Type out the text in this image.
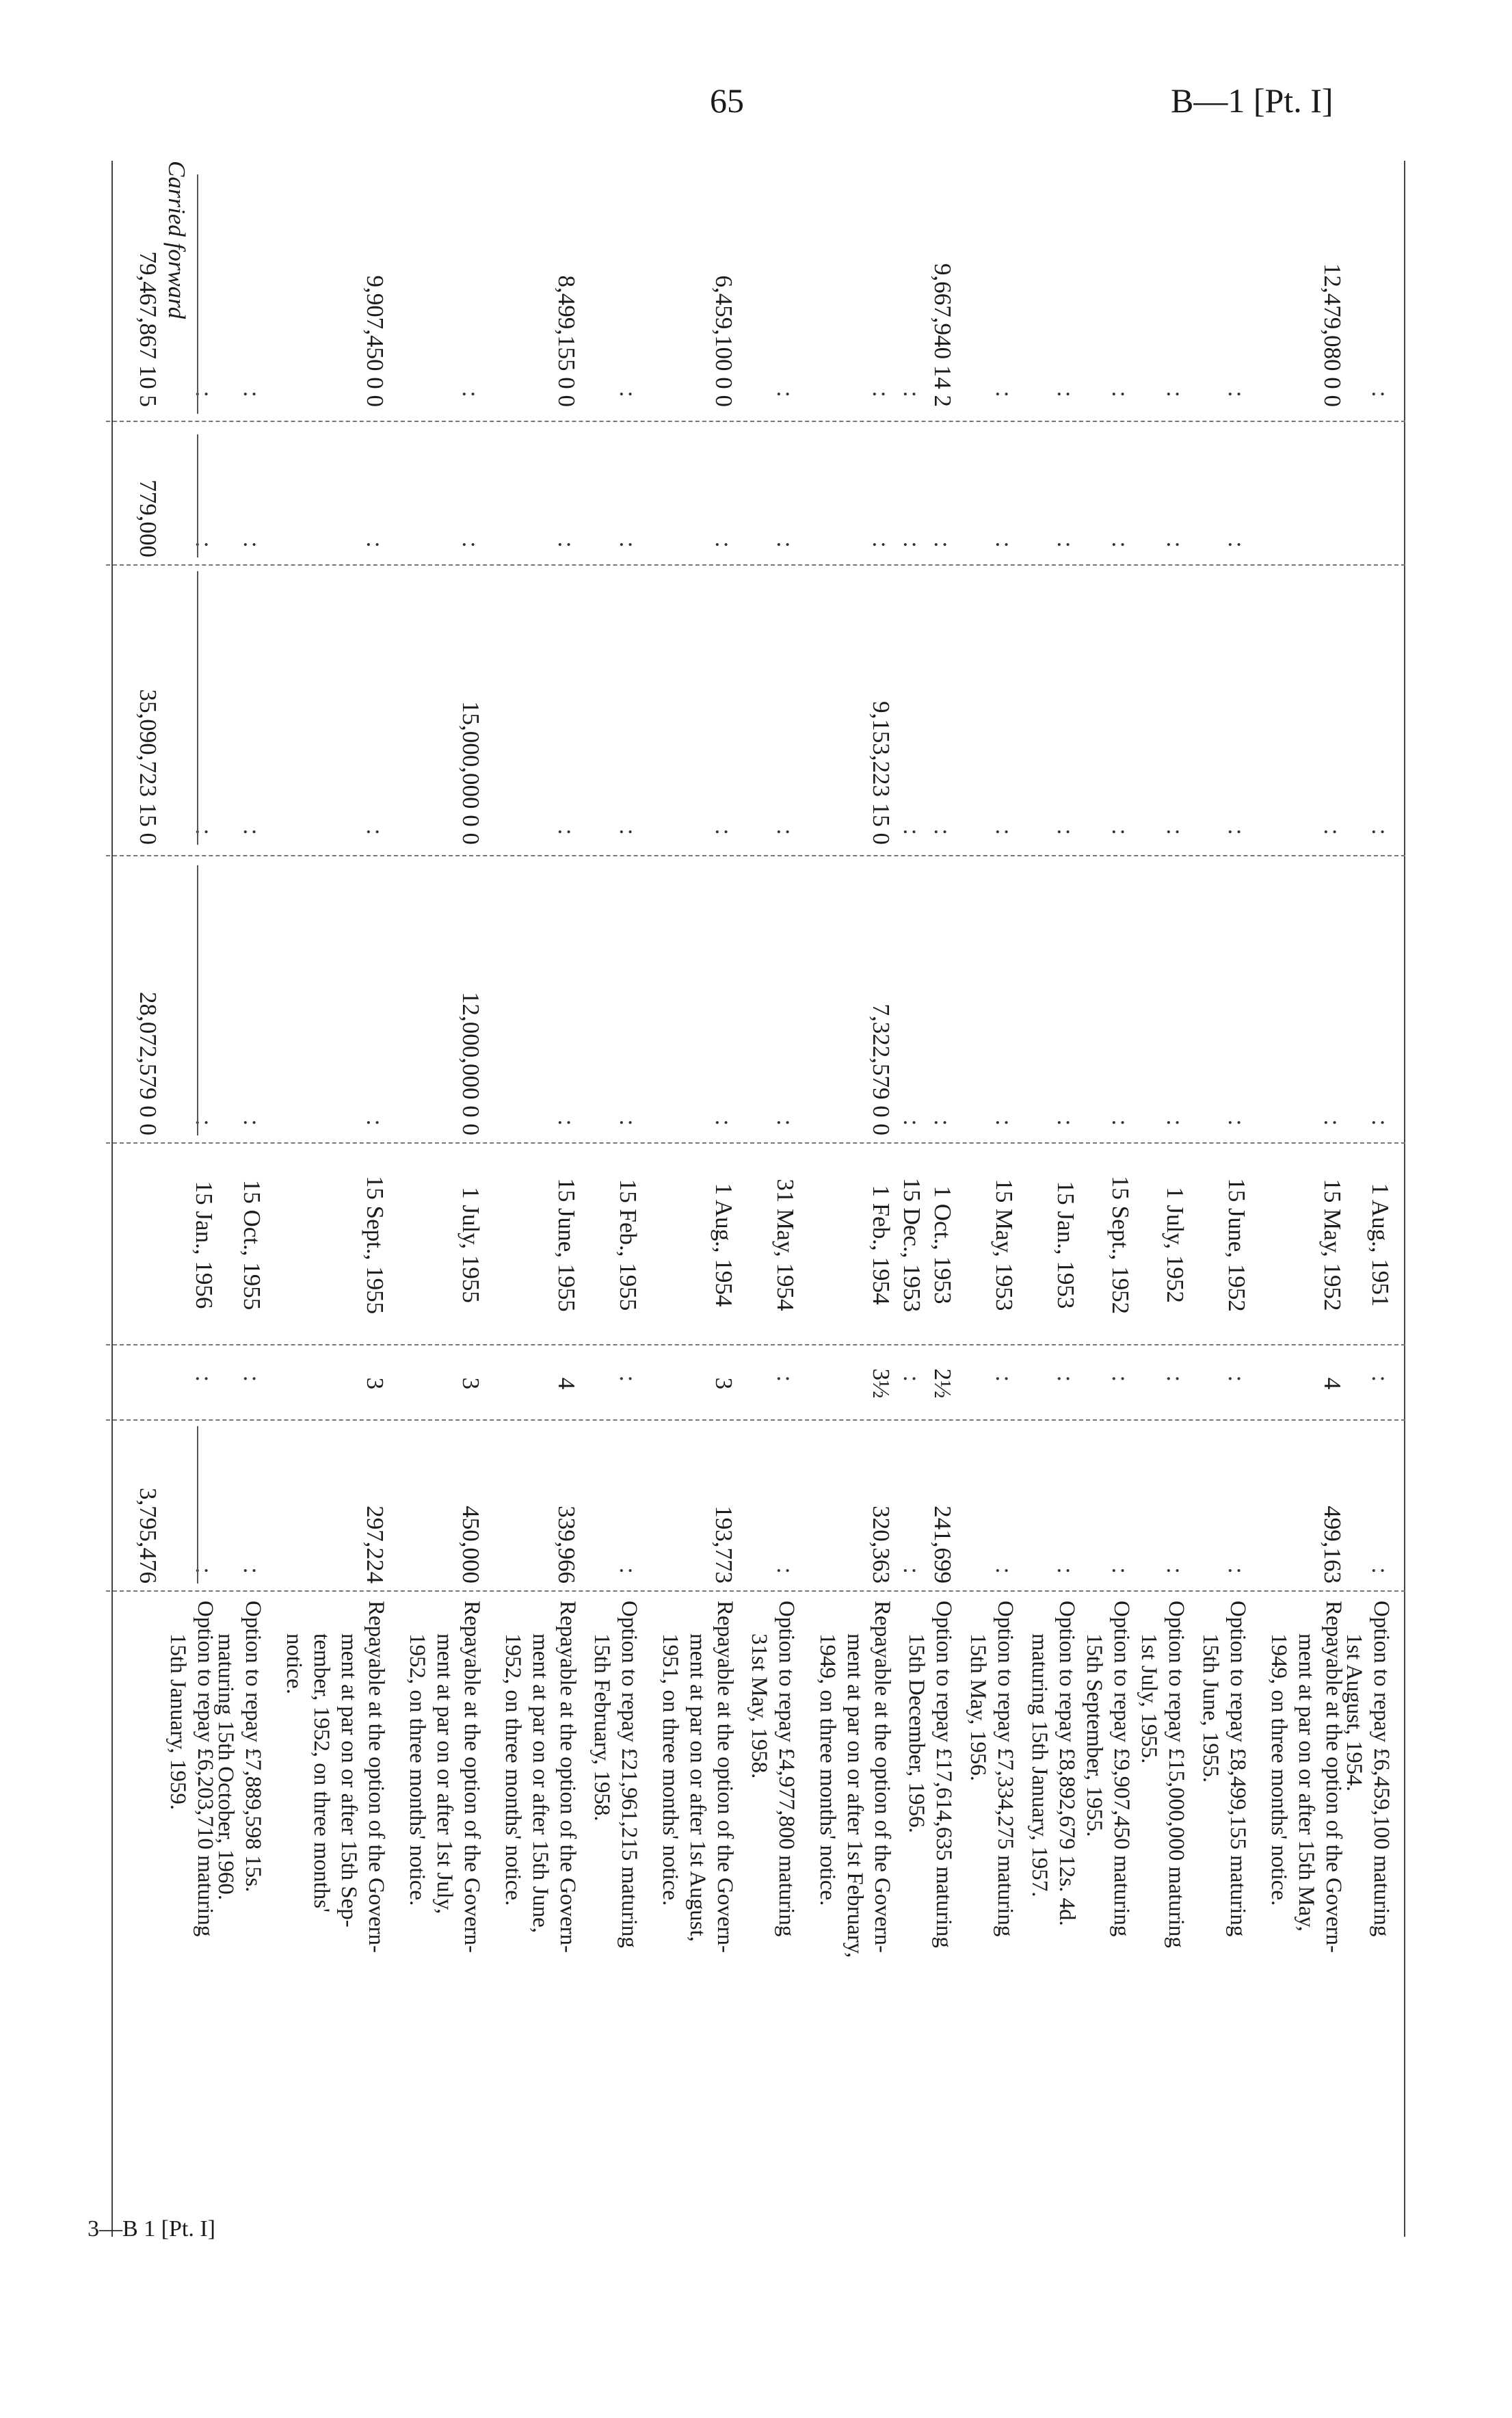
65	B—1 [Pt. I]
:
:
:
1 Aug., 1951
:
:
Option to repay £6,459,100 maturing
1st August, 1954.
12,479,080 0 0
:
:
15 May, 1952
4
499,163
Repayable at the option of the Govern-
ment at par on or after 15th May,
1949, on three months' notice.
:
:
:
:
15 June, 1952
:
:
Option to repay £8,499,155 maturing
15th June, 1955.
:
:
:
:
1 July, 1952
:
:
Option to repay £15,000,000 maturing
1st July, 1955.
:
:
:
:
15 Sept., 1952
:
:
Option to repay £9,907,450 maturing
15th September, 1955.
:
:
:
:
15 Jan., 1953
:
:
Option to repay £8,892,679 12s. 4d.
maturing 15th January, 1957.
:
:
:
:
15 May, 1953
:
:
Option to repay £7,334,275 maturing
15th May, 1956.
9,667,940 14 2
:
:
:
1 Oct., 1953
2½
241,699
Option to repay £17,614,635 maturing
15th December, 1956.
:
:
:
:
15 Dec., 1953
:
:
:
:
9,153,223 15 0
7,322,579 0 0
1 Feb., 1954
3½
320,363
Repayable at the option of the Govern-
ment at par on or after 1st February,
1949, on three months' notice.
:
:
:
:
31 May, 1954
:
:
Option to repay £4,977,800 maturing
31st May, 1958.
6,459,100 0 0
:
:
:
1 Aug., 1954
3
193,773
Repayable at the option of the Govern-
ment at par on or after 1st August,
1951, on three months' notice.
:
:
:
:
15 Feb., 1955
:
:
Option to repay £21,961,215 maturing
15th February, 1958.
8,499,155 0 0
:
:
:
15 June, 1955
4
339,966
Repayable at the option of the Govern-
ment at par on or after 15th June,
1952, on three months' notice.
:
:
15,000,000 0 0
12,000,000 0 0
1 July, 1955
3
450,000
Repayable at the option of the Govern-
ment at par on or after 1st July,
1952, on three months' notice.
9,907,450 0 0
:
:
:
15 Sept., 1955
3
297,224
Repayable at the option of the Govern-
ment at par on or after 15th Sep-
tember, 1952, on three months'
notice.
:
:
:
:
15 Oct., 1955
:
:
Option to repay £7,889,598 15s.
maturing 15th October, 1960.
:
:
:
:
15 Jan., 1956
:
:
Option to repay £6,203,710 maturing
15th January, 1959.
Carried forward
79,467,867 10 5
779,000
35,090,723 15 0
28,072,579 0 0
3,795,476
3—B 1 [Pt. I]
